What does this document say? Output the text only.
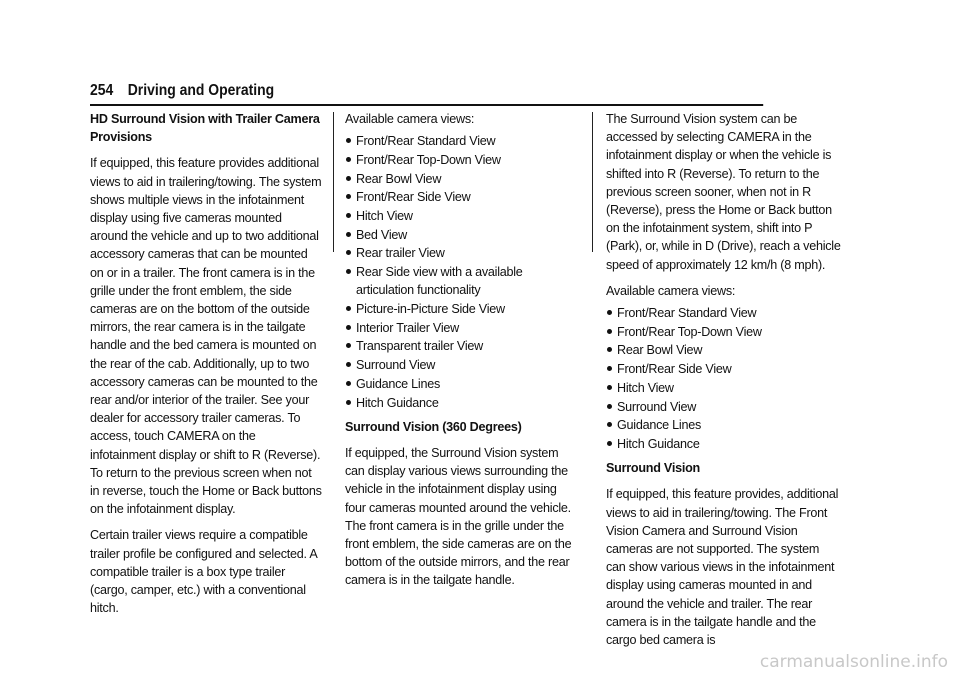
254 Driving and Operating

HD Surround Vision with Trailer Camera Provisions

If equipped, this feature provides additional views to aid in trailering/towing. The system shows multiple views in the infotainment display using five cameras mounted around the vehicle and up to two additional accessory cameras that can be mounted on or in a trailer. The front camera is in the grille under the front emblem, the side cameras are on the bottom of the outside mirrors, the rear camera is in the tailgate handle and the bed camera is mounted on the rear of the cab. Additionally, up to two accessory cameras can be mounted to the rear and/or interior of the trailer. See your dealer for accessory trailer cameras. To access, touch CAMERA on the infotainment display or shift to R (Reverse). To return to the previous screen when not in reverse, touch the Home or Back buttons on the infotainment display.

Certain trailer views require a compatible trailer profile be configured and selected. A compatible trailer is a box type trailer (cargo, camper, etc.) with a conventional hitch.

Available camera views:

Front/Rear Standard View
Front/Rear Top-Down View
Rear Bowl View
Front/Rear Side View
Hitch View
Bed View
Rear trailer View
Rear Side view with a available articulation functionality
Picture-in-Picture Side View
Interior Trailer View
Transparent trailer View
Surround View
Guidance Lines
Hitch Guidance

Surround Vision (360 Degrees)

If equipped, the Surround Vision system can display various views surrounding the vehicle in the infotainment display using four cameras mounted around the vehicle. The front camera is in the grille under the front emblem, the side cameras are on the bottom of the outside mirrors, and the rear camera is in the tailgate handle.

The Surround Vision system can be accessed by selecting CAMERA in the infotainment display or when the vehicle is shifted into R (Reverse). To return to the previous screen sooner, when not in R (Reverse), press the Home or Back button on the infotainment system, shift into P (Park), or, while in D (Drive), reach a vehicle speed of approximately 12 km/h (8 mph).

Available camera views:

Front/Rear Standard View
Front/Rear Top-Down View
Rear Bowl View
Front/Rear Side View
Hitch View
Surround View
Guidance Lines
Hitch Guidance

Surround Vision

If equipped, this feature provides, additional views to aid in trailering/towing. The Front Vision Camera and Surround Vision cameras are not supported. The system can show various views in the infotainment display using cameras mounted in and around the vehicle and trailer. The rear camera is in the tailgate handle and the cargo bed camera is

carmanualsonline.info
